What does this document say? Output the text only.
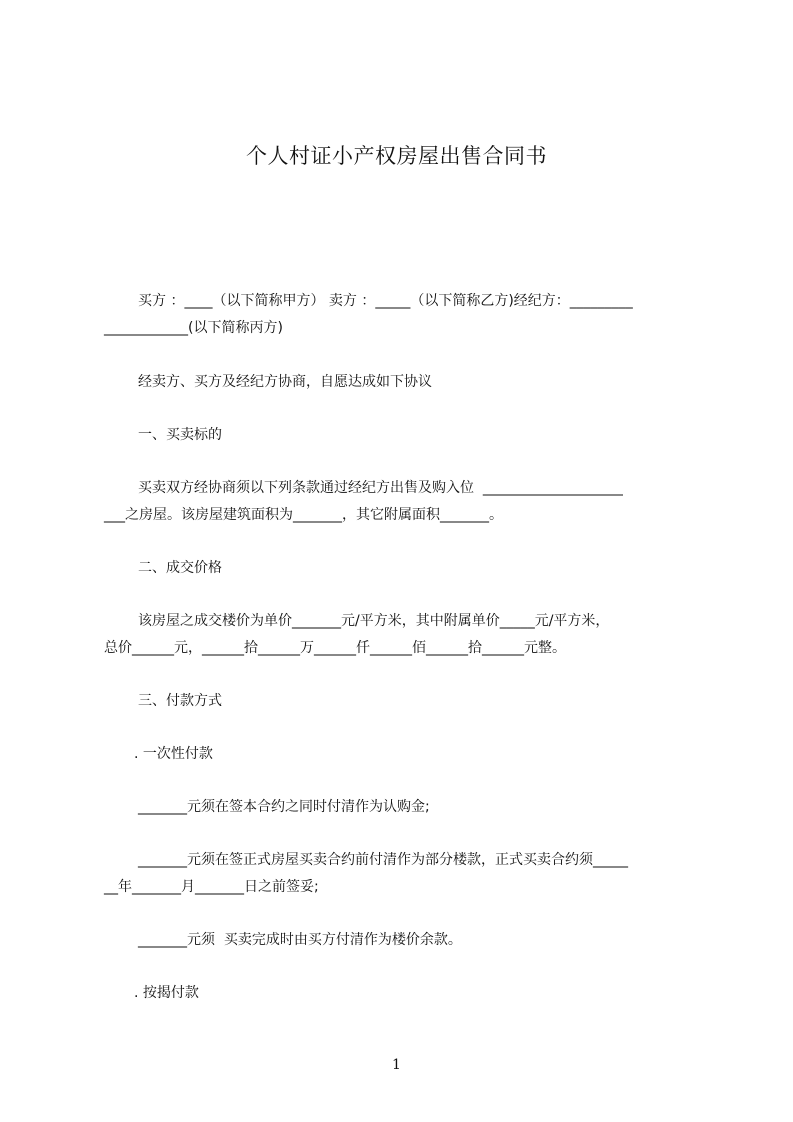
个人村证小产权房屋出售合同书
买方 ：____（以下简称甲方） 卖方 ：_____（以下简称乙方)经纪方：_________
____________(以下简称丙方)
经卖方、买方及经纪方协商，自愿达成如下协议
一、买卖标的
买卖双方经协商须以下列条款通过经纪方出售及购入位  ____________________
___之房屋。该房屋建筑面积为_______，其它附属面积_______。
二、成交价格
该房屋之成交楼价为单价_______元/平方米，其中附属单价_____元/平方米，
总价______元，______拾______万______仟______佰______拾______元整。
三、付款方式
. 一次性付款
_______元须在签本合约之同时付清作为认购金;
_______元须在签正式房屋买卖合约前付清作为部分楼款，正式买卖合约须_____
__年_______月_______日之前签妥;
_______元须  买卖完成时由买方付清作为楼价余款。
. 按揭付款
1
